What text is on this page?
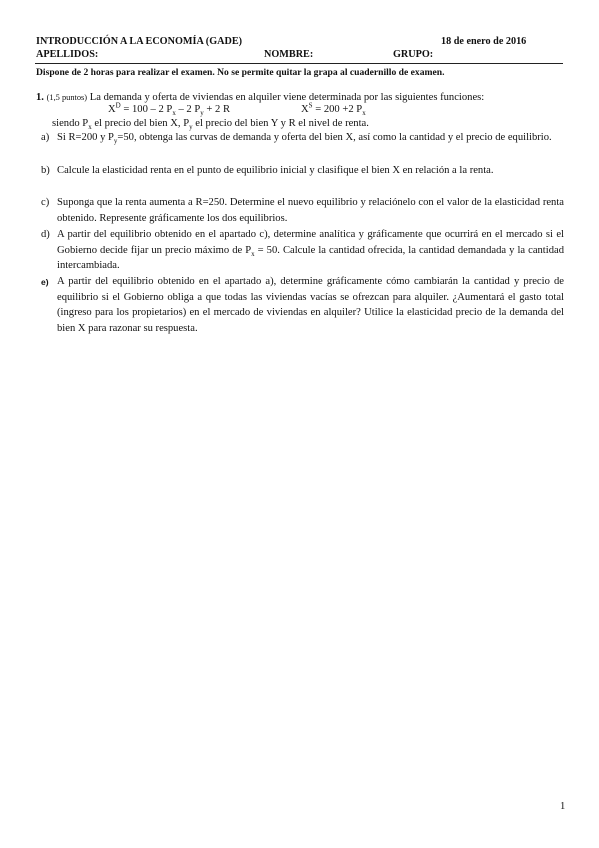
INTRODUCCIÓN A LA ECONOMÍA (GADE)	18 de enero de 2016
APELLIDOS:	NOMBRE:	GRUPO:
Dispone de 2 horas para realizar el examen. No se permite quitar la grapa al cuadernillo de examen.
1. (1,5 puntos) La demanda y oferta de viviendas en alquiler viene determinada por las siguientes funciones:
$X^D = 100 - 2$ $P_x - 2$ $P_y + 2$ R	$X^S = 200 +2$ $P_x$
siendo $P_x$ el precio del bien X, $P_y$ el precio del bien Y y R el nivel de renta.
a) Si R=200 y $P_y=50$, obtenga las curvas de demanda y oferta del bien X, así como la cantidad y el precio de equilibrio.
b) Calcule la elasticidad renta en el punto de equilibrio inicial y clasifique el bien X en relación a la renta.
c) Suponga que la renta aumenta a R=250. Determine el nuevo equilibrio y relaciónelo con el valor de la elasticidad renta obtenido. Represente gráficamente los dos equilibrios.
d) A partir del equilibrio obtenido en el apartado c), determine analítica y gráficamente que ocurrirá en el mercado si el Gobierno decide fijar un precio máximo de $P_x = 50$. Calcule la cantidad ofrecida, la cantidad demandada y la cantidad intercambiada.
e) A partir del equilibrio obtenido en el apartado a), determine gráficamente cómo cambiarán la cantidad y precio de equilibrio si el Gobierno obliga a que todas las viviendas vacías se ofrezcan para alquiler. ¿Aumentará el gasto total (ingreso para los propietarios) en el mercado de viviendas en alquiler? Utilice la elasticidad precio de la demanda del bien X para razonar su respuesta.
1
